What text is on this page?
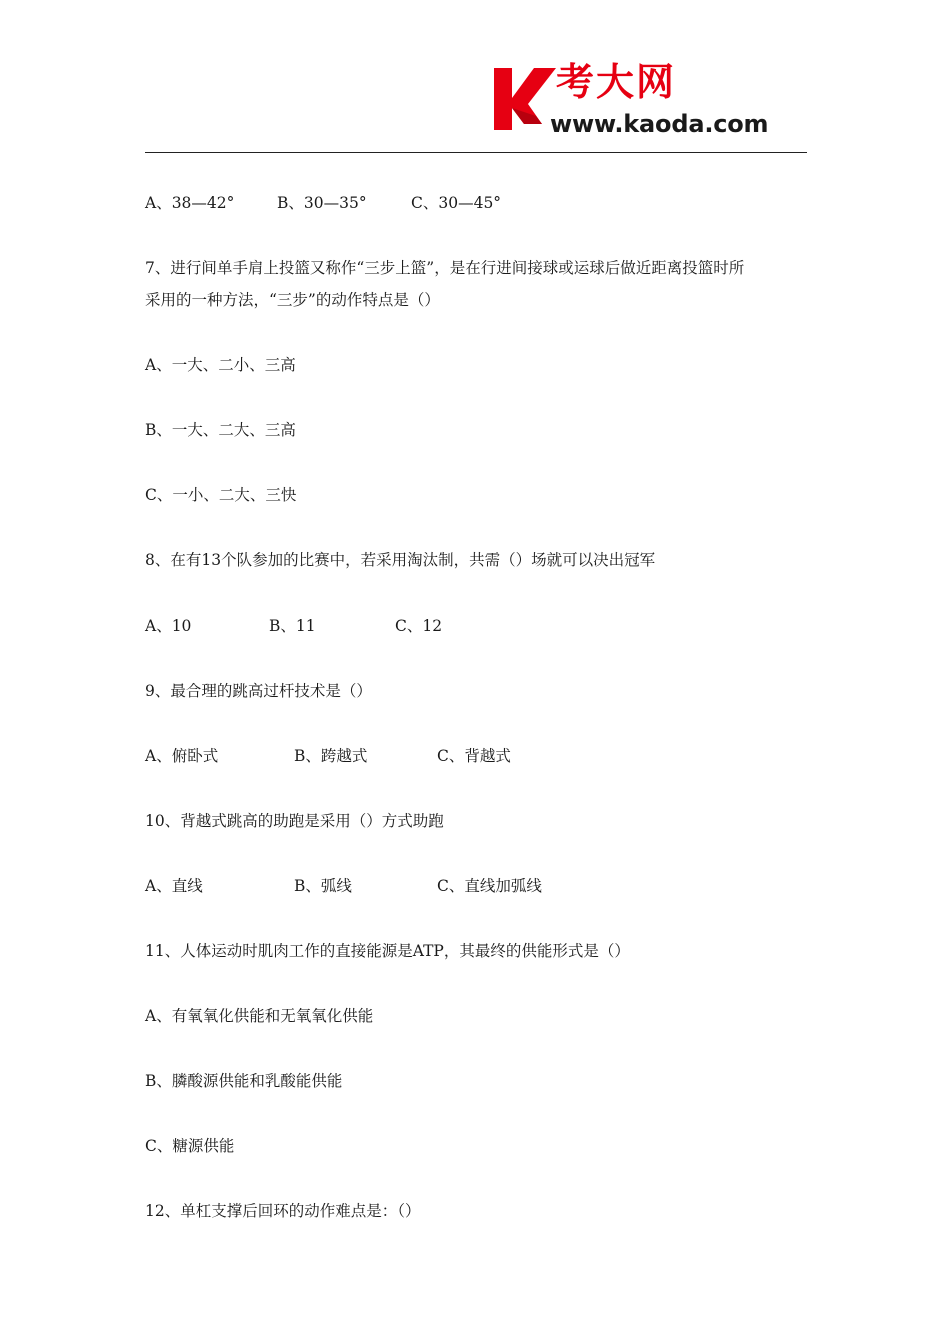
考大网
www.kaoda.com
A、38—42°	B、30—35°	C、30—45°
7、进行间单手肩上投篮又称作“三步上篮”，是在行进间接球或运球后做近距离投篮时所
采用的一种方法，“三步”的动作特点是（）
A、一大、二小、三高
B、一大、二大、三高
C、一小、二大、三快
8、在有13个队参加的比赛中，若采用淘汰制，共需（）场就可以决出冠军
A、10	B、11	C、12
9、最合理的跳高过杆技术是（）
A、俯卧式	B、跨越式	C、背越式
10、背越式跳高的助跑是采用（）方式助跑
A、直线	B、弧线	C、直线加弧线
11、人体运动时肌肉工作的直接能源是ATP，其最终的供能形式是（）
A、有氧氧化供能和无氧氧化供能
B、膦酸源供能和乳酸能供能
C、糖源供能
12、单杠支撑后回环的动作难点是：（）
